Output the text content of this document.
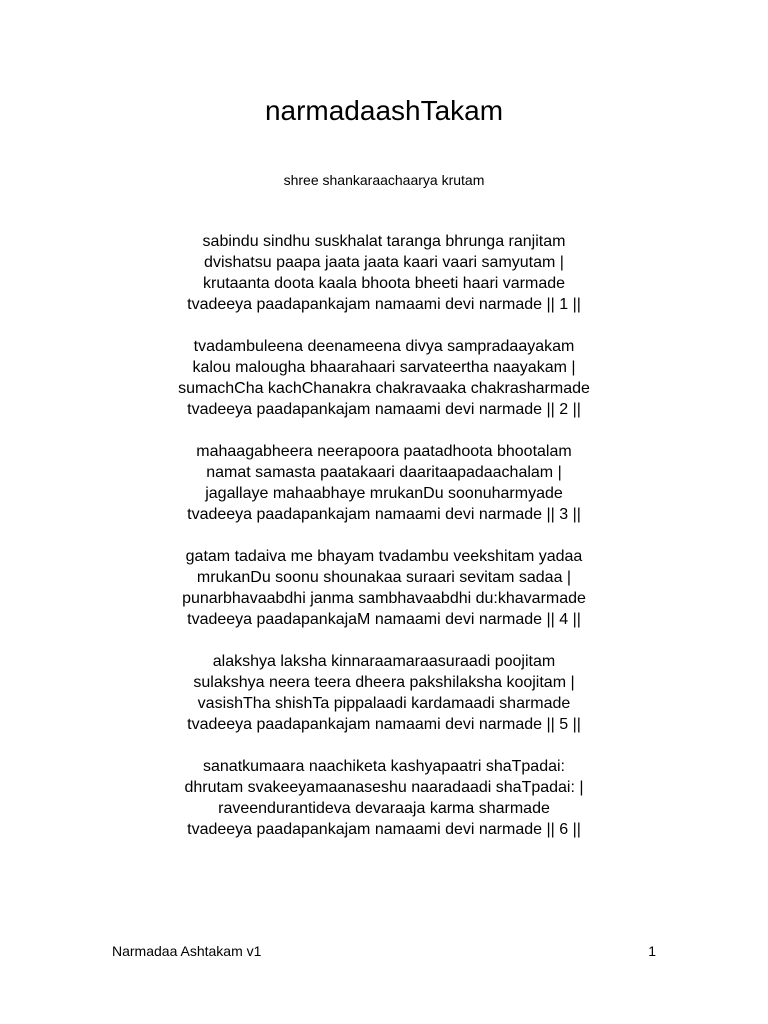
narmadaashTakam

shree shankaraachaarya krutam

sabindu sindhu suskhalat taranga bhrunga ranjitam
dvishatsu paapa jaata jaata kaari vaari samyutam |
krutaanta doota kaala bhoota bheeti haari varmade
tvadeeya paadapankajam namaami devi narmade || 1 ||
tvadambuleena deenameena divya sampradaayakam
kalou malougha bhaarahaari sarvateertha naayakam |
sumachCha kachChanakra chakravaaka chakrasharmade
tvadeeya paadapankajam namaami devi narmade || 2 ||
mahaagabheera neerapoora paatadhoota bhootalam
namat samasta paatakaari daaritaapadaachalam |
jagallaye mahaabhaye mrukanDu soonuharmyade
tvadeeya paadapankajam namaami devi narmade || 3 ||
gatam tadaiva me bhayam tvadambu veekshitam yadaa
mrukanDu soonu shounakaa suraari sevitam sadaa |
punarbhavaabdhi janma sambhavaabdhi du:khavarmade
tvadeeya paadapankajaM namaami devi narmade || 4 ||
alakshya laksha kinnaraamaraasuraadi poojitam
sulakshya neera teera dheera pakshilaksha koojitam |
vasishTha shishTa pippalaadi kardamaadi sharmade
tvadeeya paadapankajam namaami devi narmade || 5 ||
sanatkumaara naachiketa kashyapaatri shaTpadai:
dhrutam svakeeyamaanaseshu naaradaadi shaTpadai: |
raveendurantideva devaraaja karma sharmade
tvadeeya paadapankajam namaami devi narmade || 6 ||
Narmadaa Ashtakam v1	1
